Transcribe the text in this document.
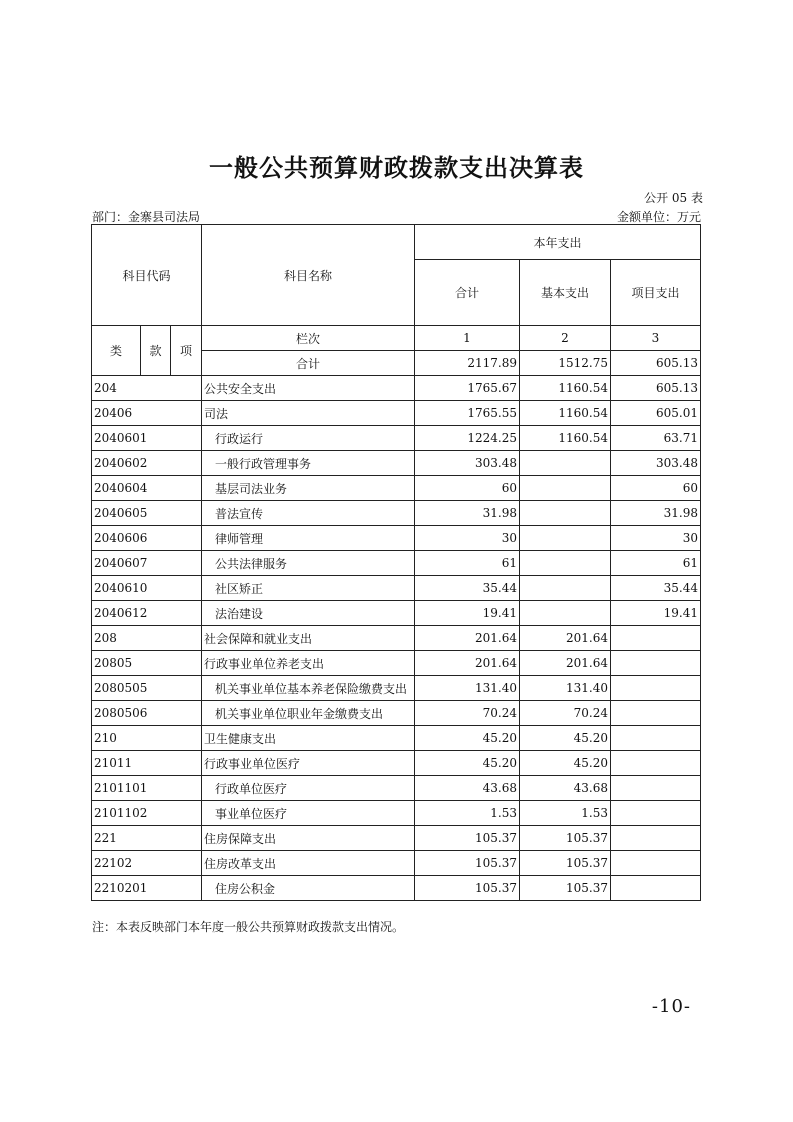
一般公共预算财政拨款支出决算表
公开 05 表
部门：金寨县司法局	金额单位：万元
科目代码			科目名称	本年支出		
				合计	基本支出	项目支出

类	款	项	栏次	1	2	3
			合计	2117.89	1512.75	605.13
204			公共安全支出	1765.67	1160.54	605.13
20406			司法	1765.55	1160.54	605.01
2040601			行政运行	1224.25	1160.54	63.71
2040602			一般行政管理事务	303.48		303.48
2040604			基层司法业务	60		60
2040605			普法宣传	31.98		31.98
2040606			律师管理	30		30
2040607			公共法律服务	61		61
2040610			社区矫正	35.44		35.44
2040612			法治建设	19.41		19.41
208			社会保障和就业支出	201.64	201.64	
20805			行政事业单位养老支出	201.64	201.64	
2080505			机关事业单位基本养老保险缴费支出	131.40	131.40	
2080506			机关事业单位职业年金缴费支出	70.24	70.24	
210			卫生健康支出	45.20	45.20	
21011			行政事业单位医疗	45.20	45.20	
2101101			行政单位医疗	43.68	43.68	
2101102			事业单位医疗	1.53	1.53	
221			住房保障支出	105.37	105.37	
22102			住房改革支出	105.37	105.37	
2210201			住房公积金	105.37	105.37	
注：本表反映部门本年度一般公共预算财政拨款支出情况。
-10-
